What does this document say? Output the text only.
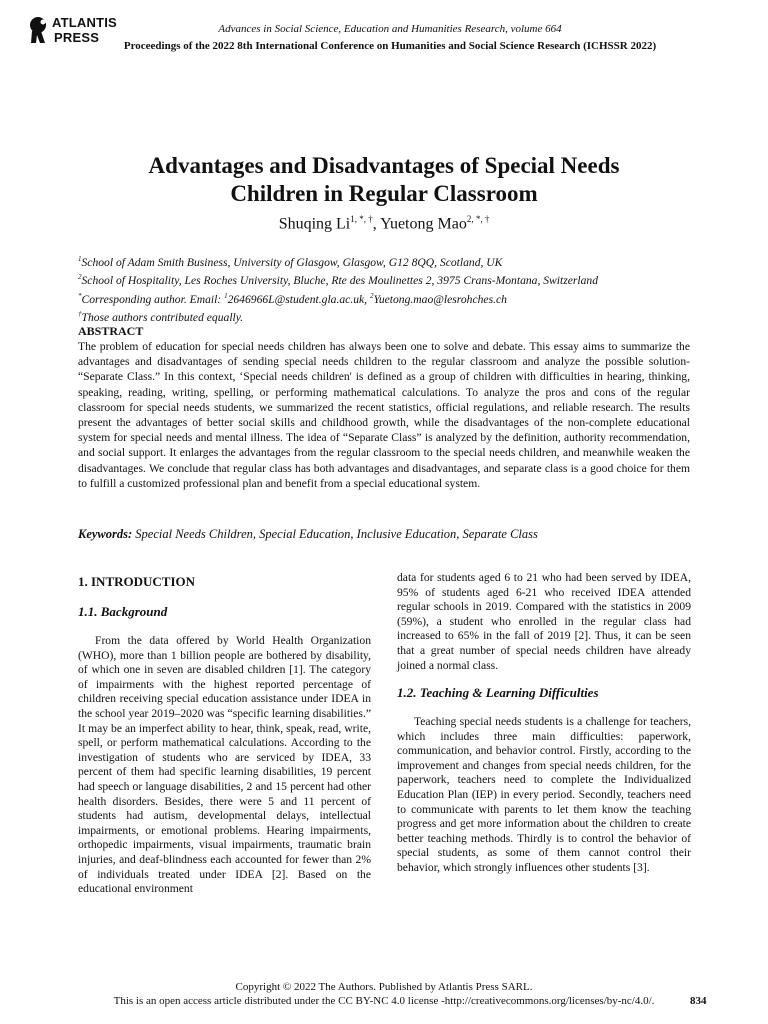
ATLANTIS
PRESS
Advances in Social Science, Education and Humanities Research, volume 664
Proceedings of the 2022 8th International Conference on Humanities and Social Science Research (ICHSSR 2022)
Advantages and Disadvantages of Special Needs
Children in Regular Classroom
Shuqing $Li^{1, *, \dagger}$, Yuetong Mao$^{2, *, \dagger}$
$^1$School of Adam Smith Business, University of Glasgow, Glasgow, G12 8QQ, Scotland, UK
$^2$School of Hospitality, Les Roches University, Bluche, Rte des Moulinettes 2, 3975 Crans-Montana, Switzerland
*Corresponding author. Email: $^1$2646966L@student.gla.ac.uk, $^2$Yuetong.mao@lesrohches.ch
†Those authors contributed equally.
ABSTRACT
The problem of education for special needs children has always been one to solve and debate. This essay aims to summarize the advantages and disadvantages of sending special needs children to the regular classroom and analyze the possible solution- “Separate Class.” In this context, ‘Special needs children' is defined as a group of children with difficulties in hearing, thinking, speaking, reading, writing, spelling, or performing mathematical calculations. To analyze the pros and cons of the regular classroom for special needs students, we summarized the recent statistics, official regulations, and reliable research. The results present the advantages of better social skills and childhood growth, while the disadvantages of the non-complete educational system for special needs and mental illness. The idea of “Separate Class” is analyzed by the definition, authority recommendation, and social support. It enlarges the advantages from the regular classroom to the special needs children, and meanwhile weaken the disadvantages. We conclude that regular class has both advantages and disadvantages, and separate class is a good choice for them to fulfill a customized professional plan and benefit from a special educational system.
Keywords: Special Needs Children, Special Education, Inclusive Education, Separate Class
1. INTRODUCTION
1.1. Background
From the data offered by World Health Organization (WHO), more than 1 billion people are bothered by disability, of which one in seven are disabled children [1]. The category of impairments with the highest reported percentage of children receiving special education assistance under IDEA in the school year 2019–2020 was “specific learning disabilities.” It may be an imperfect ability to hear, think, speak, read, write, spell, or perform mathematical calculations. According to the investigation of students who are serviced by IDEA, 33 percent of them had specific learning disabilities, 19 percent had speech or language disabilities, 2 and 15 percent had other health disorders. Besides, there were 5 and 11 percent of students had autism, developmental delays, intellectual impairments, or emotional problems. Hearing impairments, orthopedic impairments, visual impairments, traumatic brain injuries, and deaf-blindness each accounted for fewer than 2% of individuals treated under IDEA [2]. Based on the educational environment
data for students aged 6 to 21 who had been served by IDEA, 95% of students aged 6-21 who received IDEA attended regular schools in 2019. Compared with the statistics in 2009 (59%), a student who enrolled in the regular class had increased to 65% in the fall of 2019 [2]. Thus, it can be seen that a great number of special needs children have already joined a normal class.
1.2. Teaching & Learning Difficulties
Teaching special needs students is a challenge for teachers, which includes three main difficulties: paperwork, communication, and behavior control. Firstly, according to the improvement and changes from special needs children, for the paperwork, teachers need to complete the Individualized Education Plan (IEP) in every period. Secondly, teachers need to communicate with parents to let them know the teaching progress and get more information about the children to create better teaching methods. Thirdly is to control the behavior of special students, as some of them cannot control their behavior, which strongly influences other students [3].
Copyright © 2022 The Authors. Published by Atlantis Press SARL.
This is an open access article distributed under the CC BY-NC 4.0 license -http://creativecommons.org/licenses/by-nc/4.0/.	834
